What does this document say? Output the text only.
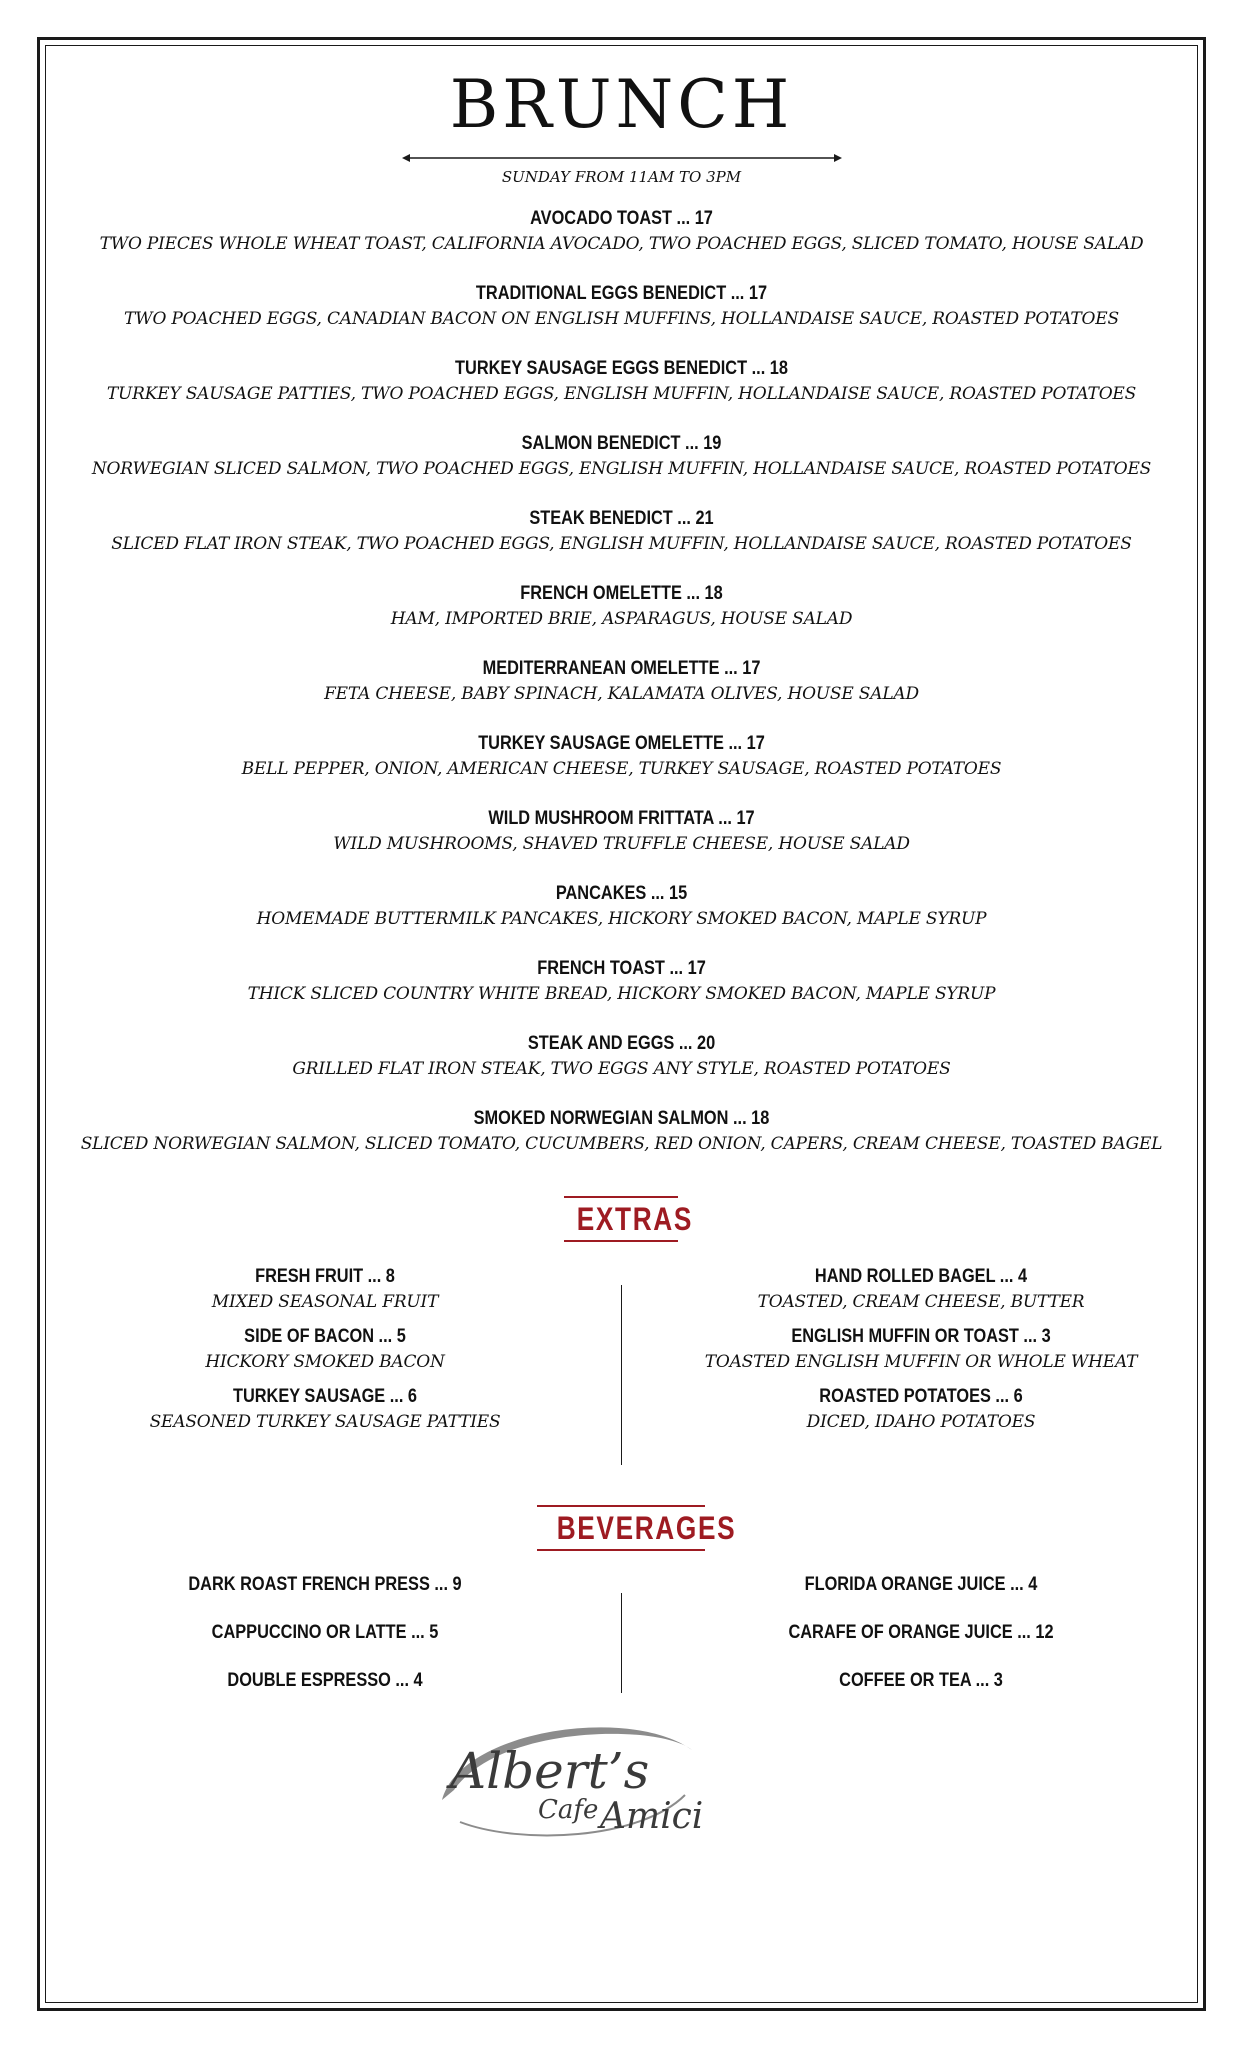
BRUNCH
SUNDAY FROM 11AM TO 3PM
AVOCADO TOAST ... 17
TWO PIECES WHOLE WHEAT TOAST, CALIFORNIA AVOCADO, TWO POACHED EGGS, SLICED TOMATO, HOUSE SALAD
TRADITIONAL EGGS BENEDICT ... 17
TWO POACHED EGGS, CANADIAN BACON ON ENGLISH MUFFINS, HOLLANDAISE SAUCE, ROASTED POTATOES
TURKEY SAUSAGE EGGS BENEDICT ... 18
TURKEY SAUSAGE PATTIES, TWO POACHED EGGS, ENGLISH MUFFIN, HOLLANDAISE SAUCE, ROASTED POTATOES
SALMON BENEDICT ... 19
NORWEGIAN SLICED SALMON, TWO POACHED EGGS, ENGLISH MUFFIN, HOLLANDAISE SAUCE, ROASTED POTATOES
STEAK BENEDICT ... 21
SLICED FLAT IRON STEAK, TWO POACHED EGGS, ENGLISH MUFFIN, HOLLANDAISE SAUCE, ROASTED POTATOES
FRENCH OMELETTE ... 18
HAM, IMPORTED BRIE, ASPARAGUS, HOUSE SALAD
MEDITERRANEAN OMELETTE ... 17
FETA CHEESE, BABY SPINACH, KALAMATA OLIVES, HOUSE SALAD
TURKEY SAUSAGE OMELETTE ... 17
BELL PEPPER, ONION, AMERICAN CHEESE, TURKEY SAUSAGE, ROASTED POTATOES
WILD MUSHROOM FRITTATA ... 17
WILD MUSHROOMS, SHAVED TRUFFLE CHEESE, HOUSE SALAD
PANCAKES ... 15
HOMEMADE BUTTERMILK PANCAKES, HICKORY SMOKED BACON, MAPLE SYRUP
FRENCH TOAST ... 17
THICK SLICED COUNTRY WHITE BREAD, HICKORY SMOKED BACON, MAPLE SYRUP
STEAK AND EGGS ... 20
GRILLED FLAT IRON STEAK, TWO EGGS ANY STYLE, ROASTED POTATOES
SMOKED NORWEGIAN SALMON ... 18
SLICED NORWEGIAN SALMON, SLICED TOMATO, CUCUMBERS, RED ONION, CAPERS, CREAM CHEESE, TOASTED BAGEL
EXTRAS
FRESH FRUIT ... 8
MIXED SEASONAL FRUIT
SIDE OF BACON ... 5
HICKORY SMOKED BACON
TURKEY SAUSAGE ... 6
SEASONED TURKEY SAUSAGE PATTIES
HAND ROLLED BAGEL ... 4
TOASTED, CREAM CHEESE, BUTTER
ENGLISH MUFFIN OR TOAST ... 3
TOASTED ENGLISH MUFFIN OR WHOLE WHEAT
ROASTED POTATOES ... 6
DICED, IDAHO POTATOES
BEVERAGES
DARK ROAST FRENCH PRESS ... 9
CAPPUCCINO OR LATTE ... 5
DOUBLE ESPRESSO ... 4
FLORIDA ORANGE JUICE ... 4
CARAFE OF ORANGE JUICE ... 12
COFFEE OR TEA ... 3
Albert’s
Cafe Amici
